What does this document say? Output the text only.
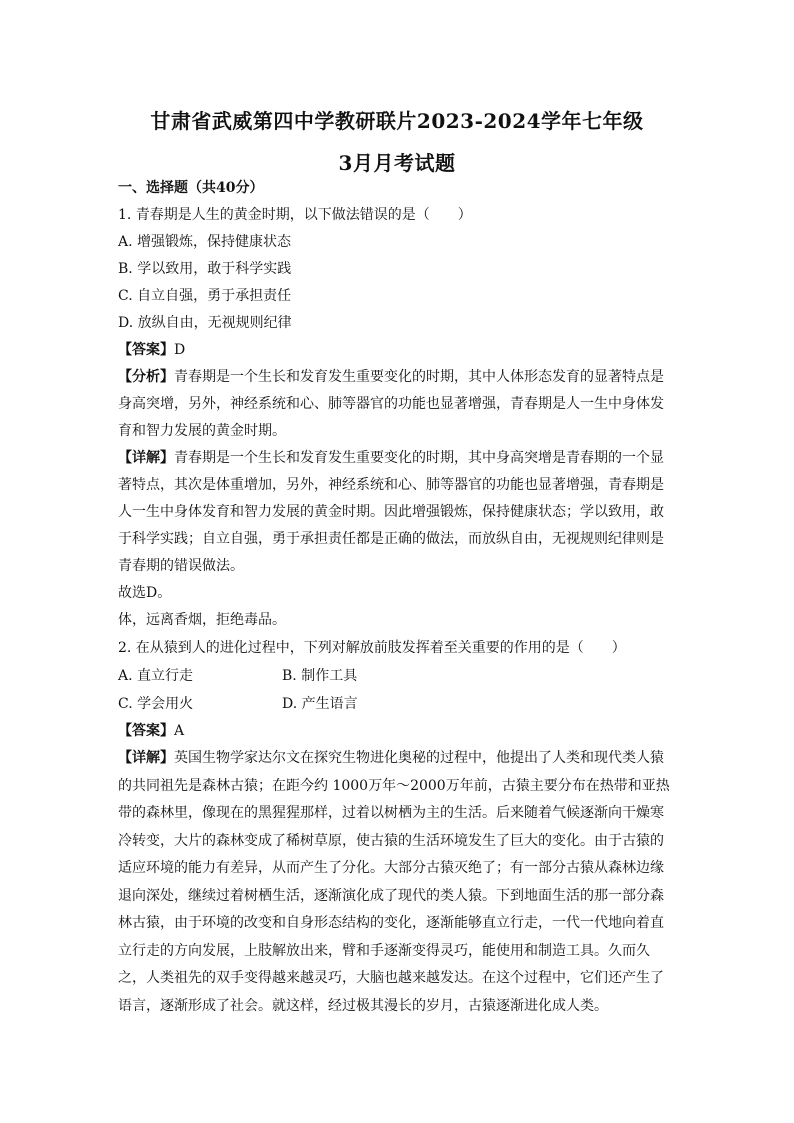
甘肃省武威第四中学教研联片2023-2024学年七年级
3月月考试题
一、选择题（共40分）
1. 青春期是人生的黄金时期，以下做法错误的是（　　）
A. 增强锻炼，保持健康状态
B. 学以致用，敢于科学实践
C. 自立自强，勇于承担责任
D. 放纵自由，无视规则纪律
【答案】D
【分析】青春期是一个生长和发育发生重要变化的时期，其中人体形态发育的显著特点是
身高突增，另外，神经系统和心、肺等器官的功能也显著增强，青春期是人一生中身体发
育和智力发展的黄金时期。
【详解】青春期是一个生长和发育发生重要变化的时期，其中身高突增是青春期的一个显
著特点，其次是体重增加，另外，神经系统和心、肺等器官的功能也显著增强，青春期是
人一生中身体发育和智力发展的黄金时期。因此增强锻炼，保持健康状态；学以致用，敢
于科学实践；自立自强，勇于承担责任都是正确的做法，而放纵自由，无视规则纪律则是
青春期的错误做法。
故选D。
体，远离香烟，拒绝毒品。
2. 在从猿到人的进化过程中，下列对解放前肢发挥着至关重要的作用的是（　　）
A. 直立行走	B. 制作工具
C. 学会用火	D. 产生语言
【答案】A
【详解】英国生物学家达尔文在探究生物进化奥秘的过程中，他提出了人类和现代类人猿
的共同祖先是森林古猿；在距今约 1000万年～2000万年前，古猿主要分布在热带和亚热
带的森林里，像现在的黑猩猩那样，过着以树栖为主的生活。后来随着气候逐渐向干燥寒
冷转变，大片的森林变成了稀树草原，使古猿的生活环境发生了巨大的变化。由于古猿的
适应环境的能力有差异，从而产生了分化。大部分古猿灭绝了；有一部分古猿从森林边缘
退向深处，继续过着树栖生活，逐渐演化成了现代的类人猿。下到地面生活的那一部分森
林古猿，由于环境的改变和自身形态结构的变化，逐渐能够直立行走，一代一代地向着直
立行走的方向发展，上肢解放出来，臂和手逐渐变得灵巧，能使用和制造工具。久而久
之，人类祖先的双手变得越来越灵巧，大脑也越来越发达。在这个过程中，它们还产生了
语言，逐渐形成了社会。就这样，经过极其漫长的岁月，古猿逐渐进化成人类。
